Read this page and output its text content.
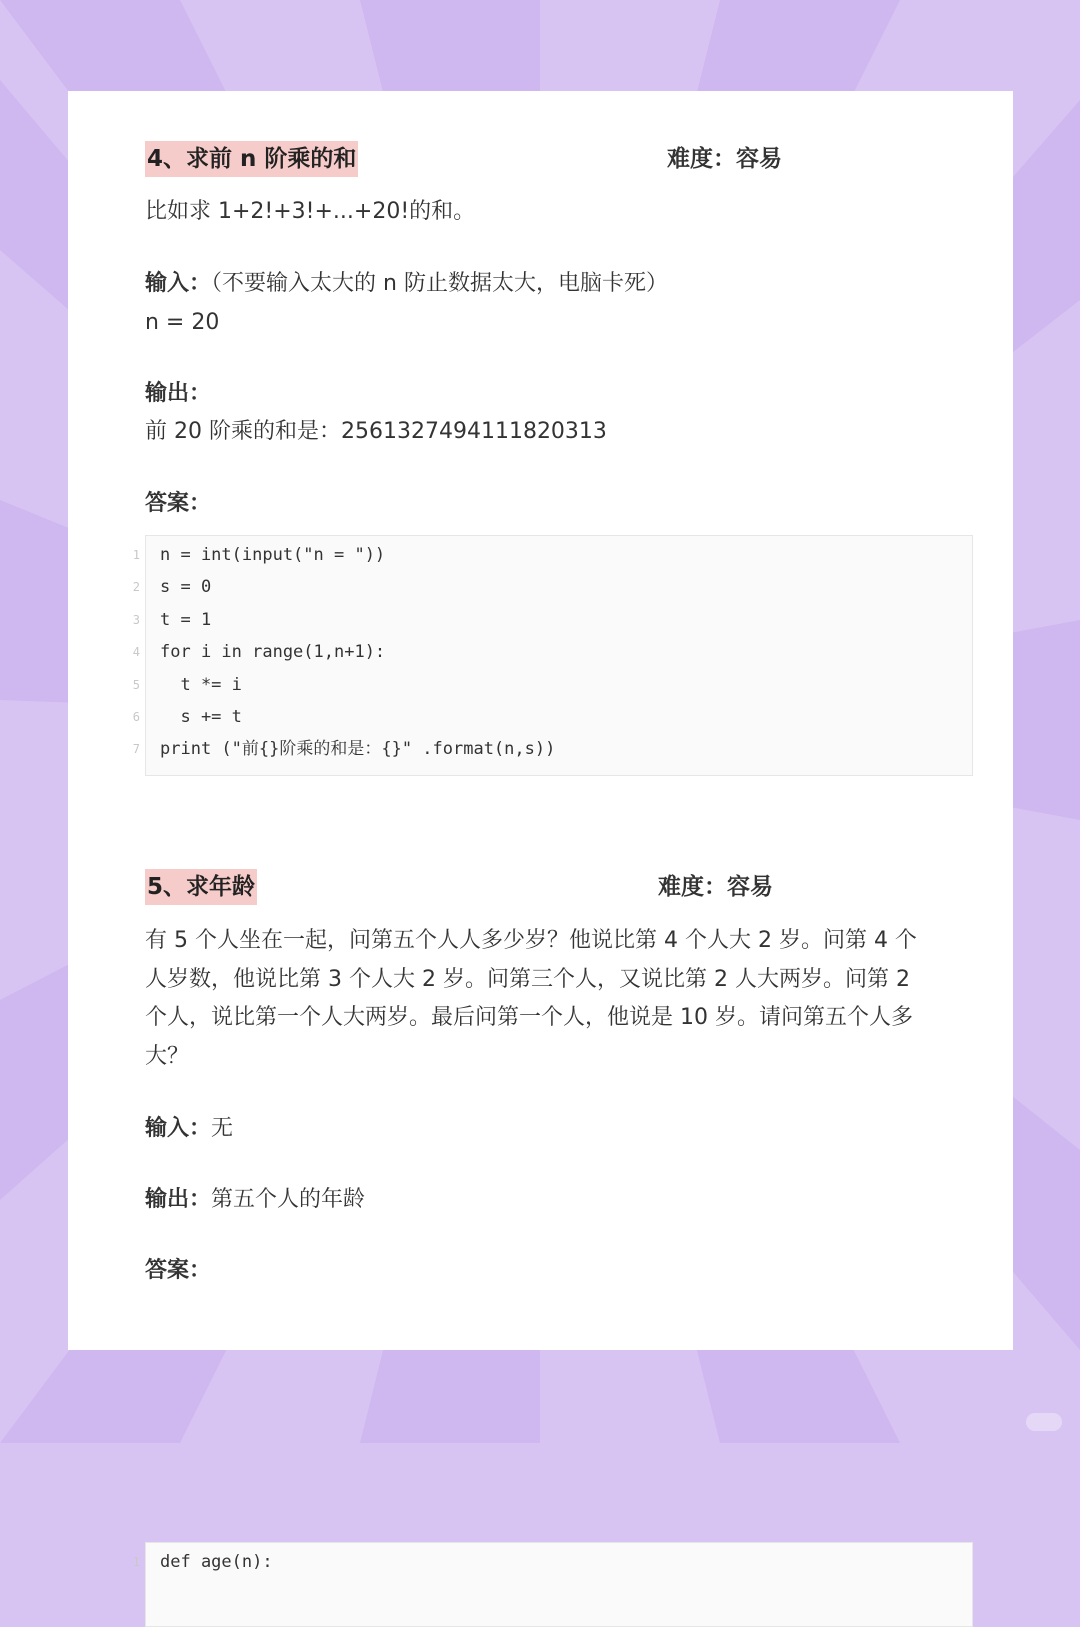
4、求前 n 阶乘的和	难度：容易

比如求 1+2!+3!+...+20!的和。

输入：（不要输入太大的 n 防止数据太大，电脑卡死）

n = 20

输出：

前 20 阶乘的和是：2561327494111820313

答案：

1 n = int(input("n = "))
2 s = 0
3 t = 1
4 for i in range(1,n+1):
5 t *= i
6 s += t
7 print ("前{}阶乘的和是：{}" .format(n,s))
5、求年龄	难度：容易

有 5 个人坐在一起，问第五个人人多少岁？他说比第 4 个人大 2 岁。问第 4 个

人岁数，他说比第 3 个人大 2 岁。问第三个人，又说比第 2 人大两岁。问第 2

个人，说比第一个人大两岁。最后问第一个人，他说是 10 岁。请问第五个人多

大？

输入：无

输出：第五个人的年龄

答案：

1 def age(n):
